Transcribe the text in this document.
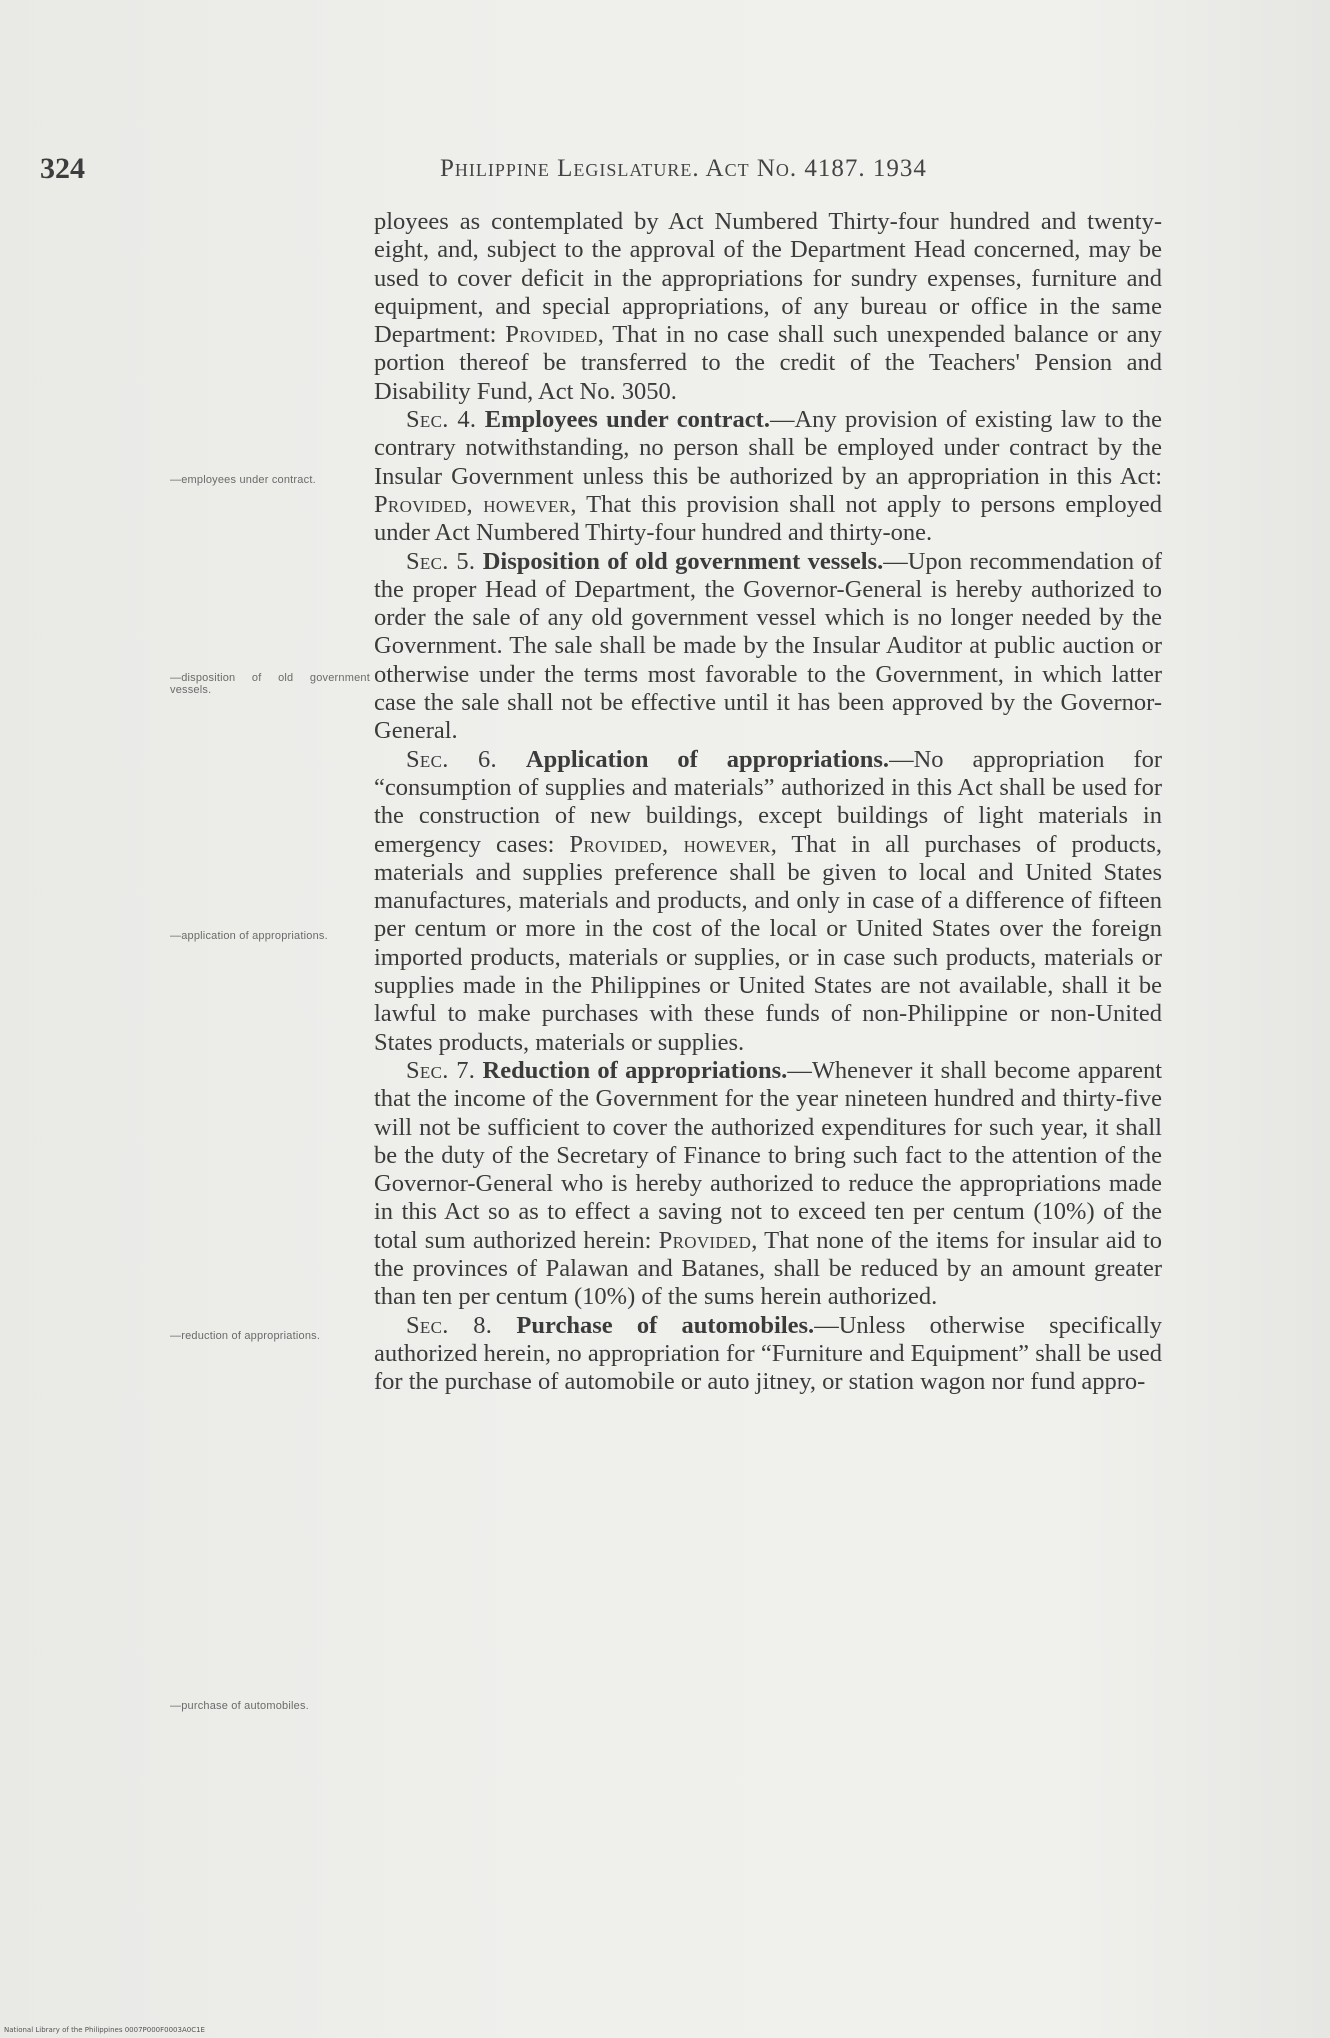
324	Philippine Legislature. Act No. 4187. 1934
—employees under contract.
—disposition of old government vessels.
—application of appropriations.
—reduction of appropriations.
—purchase of automobiles.

ployees as contemplated by Act Numbered Thirty-four hundred and twenty-eight, and, subject to the approval of the Department Head concerned, may be used to cover deficit in the appropriations for sundry expenses, furniture and equipment, and special appropriations, of any bureau or office in the same Department: Provided, That in no case shall such unexpended balance or any portion thereof be transferred to the credit of the Teachers' Pension and Disability Fund, Act No. 3050.

Sec. 4. Employees under contract.—Any provision of existing law to the contrary notwithstanding, no person shall be employed under contract by the Insular Government unless this be authorized by an appropriation in this Act: Provided, however, That this provision shall not apply to persons employed under Act Numbered Thirty-four hundred and thirty-one.

Sec. 5. Disposition of old government vessels.—Upon recommendation of the proper Head of Department, the Governor-General is hereby authorized to order the sale of any old government vessel which is no longer needed by the Government. The sale shall be made by the Insular Auditor at public auction or otherwise under the terms most favorable to the Government, in which latter case the sale shall not be effective until it has been approved by the Governor-General.

Sec. 6. Application of appropriations.—No appropriation for “consumption of supplies and materials” authorized in this Act shall be used for the construction of new buildings, except buildings of light materials in emergency cases: Provided, however, That in all purchases of products, materials and supplies preference shall be given to local and United States manufactures, materials and products, and only in case of a difference of fifteen per centum or more in the cost of the local or United States over the foreign imported products, materials or supplies, or in case such products, materials or supplies made in the Philippines or United States are not available, shall it be lawful to make purchases with these funds of non-Philippine or non-United States products, materials or supplies.

Sec. 7. Reduction of appropriations.—Whenever it shall become apparent that the income of the Government for the year nineteen hundred and thirty-five will not be sufficient to cover the authorized expenditures for such year, it shall be the duty of the Secretary of Finance to bring such fact to the attention of the Governor-General who is hereby authorized to reduce the appropriations made in this Act so as to effect a saving not to exceed ten per centum (10%) of the total sum authorized herein: Provided, That none of the items for insular aid to the provinces of Palawan and Batanes, shall be reduced by an amount greater than ten per centum (10%) of the sums herein authorized.

Sec. 8. Purchase of automobiles.—Unless otherwise specifically authorized herein, no appropriation for “Furniture and Equipment” shall be used for the purchase of automobile or auto jitney, or station wagon nor fund appro-

National Library of the Philippines 0007P000F0003A0C1E
